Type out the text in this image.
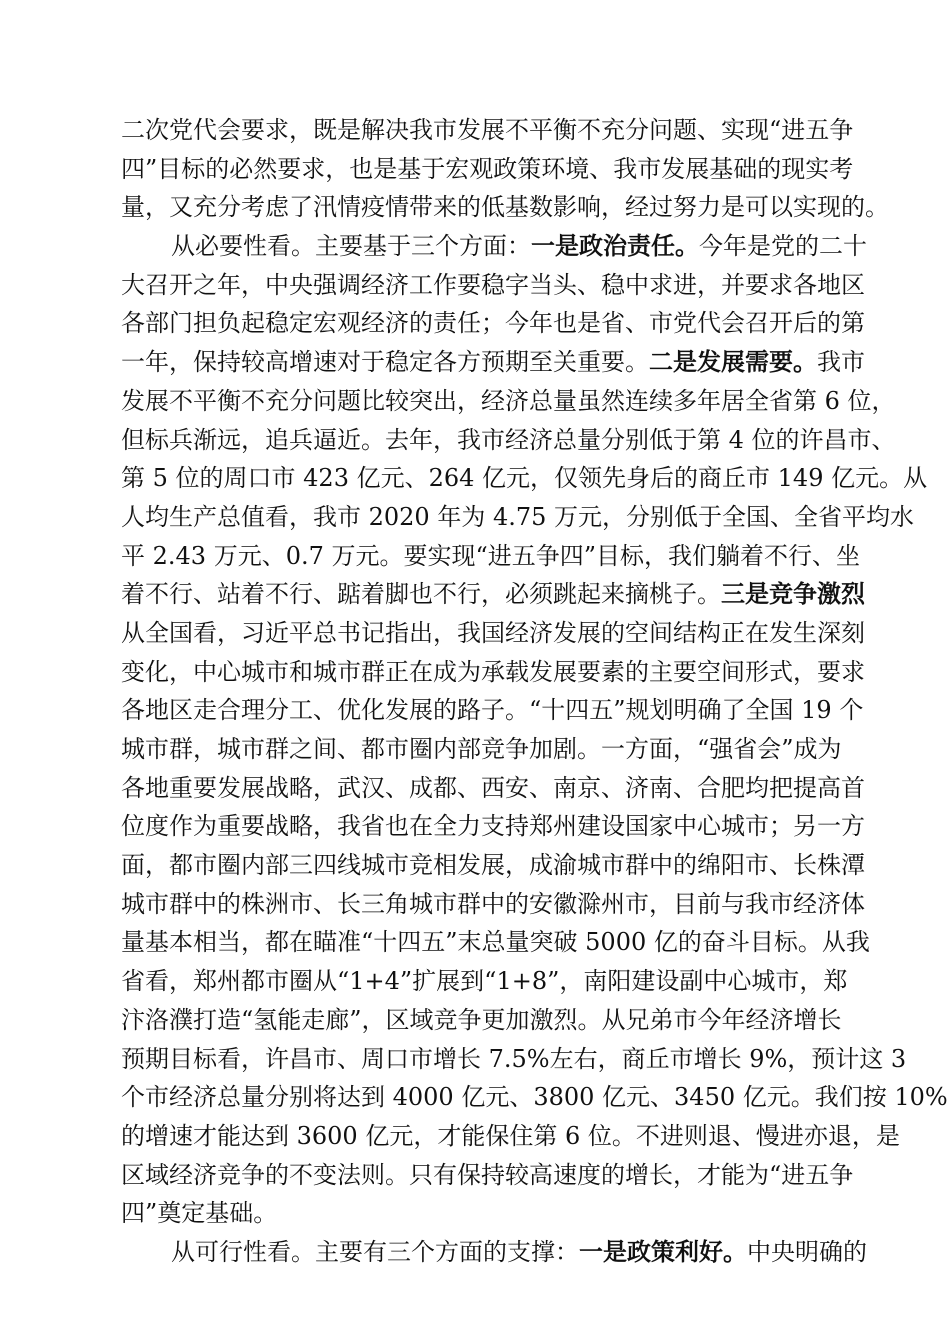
二次党代会要求，既是解决我市发展不平衡不充分问题、实现“进五争
四”目标的必然要求，也是基于宏观政策环境、我市发展基础的现实考
量，又充分考虑了汛情疫情带来的低基数影响，经过努力是可以实现的。
从必要性看。主要基于三个方面：一是政治责任。今年是党的二十
大召开之年，中央强调经济工作要稳字当头、稳中求进，并要求各地区
各部门担负起稳定宏观经济的责任；今年也是省、市党代会召开后的第
一年，保持较高增速对于稳定各方预期至关重要。二是发展需要。我市
发展不平衡不充分问题比较突出，经济总量虽然连续多年居全省第 6 位，
但标兵渐远，追兵逼近。去年，我市经济总量分别低于第 4 位的许昌市、
第 5 位的周口市 423 亿元、264 亿元，仅领先身后的商丘市 149 亿元。从
人均生产总值看，我市 2020 年为 4.75 万元，分别低于全国、全省平均水
平 2.43 万元、0.7 万元。要实现“进五争四”目标，我们躺着不行、坐
着不行、站着不行、踮着脚也不行，必须跳起来摘桃子。三是竞争激烈
从全国看，习近平总书记指出，我国经济发展的空间结构正在发生深刻
变化，中心城市和城市群正在成为承载发展要素的主要空间形式，要求
各地区走合理分工、优化发展的路子。“十四五”规划明确了全国 19 个
城市群，城市群之间、都市圈内部竞争加剧。一方面，“强省会”成为
各地重要发展战略，武汉、成都、西安、南京、济南、合肥均把提高首
位度作为重要战略，我省也在全力支持郑州建设国家中心城市；另一方
面，都市圈内部三四线城市竞相发展，成渝城市群中的绵阳市、长株潭
城市群中的株洲市、长三角城市群中的安徽滁州市，目前与我市经济体
量基本相当，都在瞄准“十四五”末总量突破 5000 亿的奋斗目标。从我
省看，郑州都市圈从“1+4”扩展到“1+8”，南阳建设副中心城市，郑
汴洛濮打造“氢能走廊”，区域竞争更加激烈。从兄弟市今年经济增长
预期目标看，许昌市、周口市增长 7.5%左右，商丘市增长 9%，预计这 3
个市经济总量分别将达到 4000 亿元、3800 亿元、3450 亿元。我们按 10%
的增速才能达到 3600 亿元，才能保住第 6 位。不进则退、慢进亦退，是
区域经济竞争的不变法则。只有保持较高速度的增长，才能为“进五争
四”奠定基础。
从可行性看。主要有三个方面的支撑：一是政策利好。中央明确的
